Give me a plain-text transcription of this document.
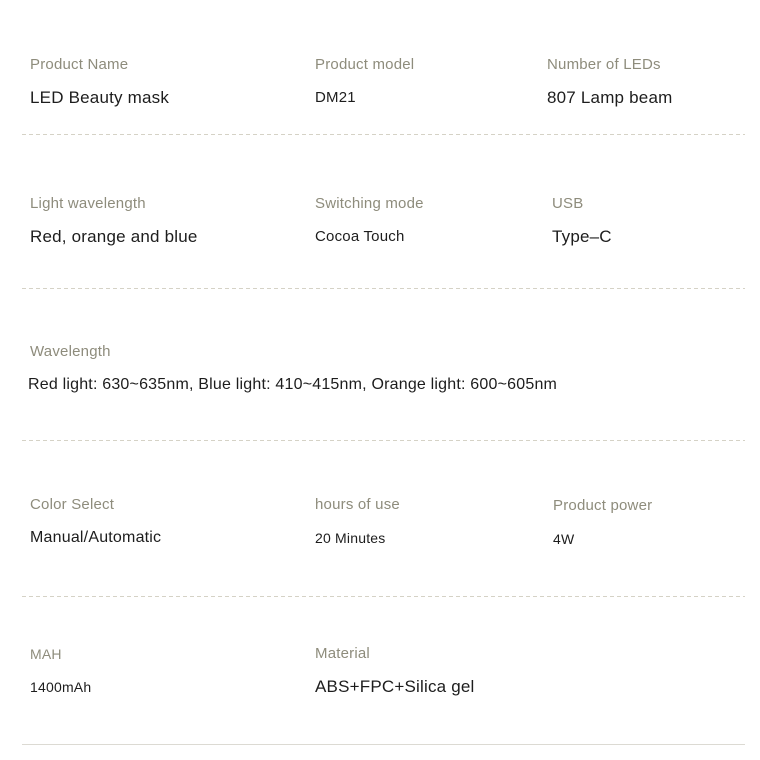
Product Name
LED Beauty mask
Product model
DM21
Number of LEDs
807 Lamp beam
Light wavelength
Red, orange and blue
Switching mode
Cocoa Touch
USB
Type–C
Wavelength
Red light: 630~635nm, Blue light: 410~415nm, Orange light: 600~605nm
Color Select
Manual/Automatic
hours of use
20 Minutes
Product power
4W
MAH
1400mAh
Material
ABS+FPC+Silica gel
